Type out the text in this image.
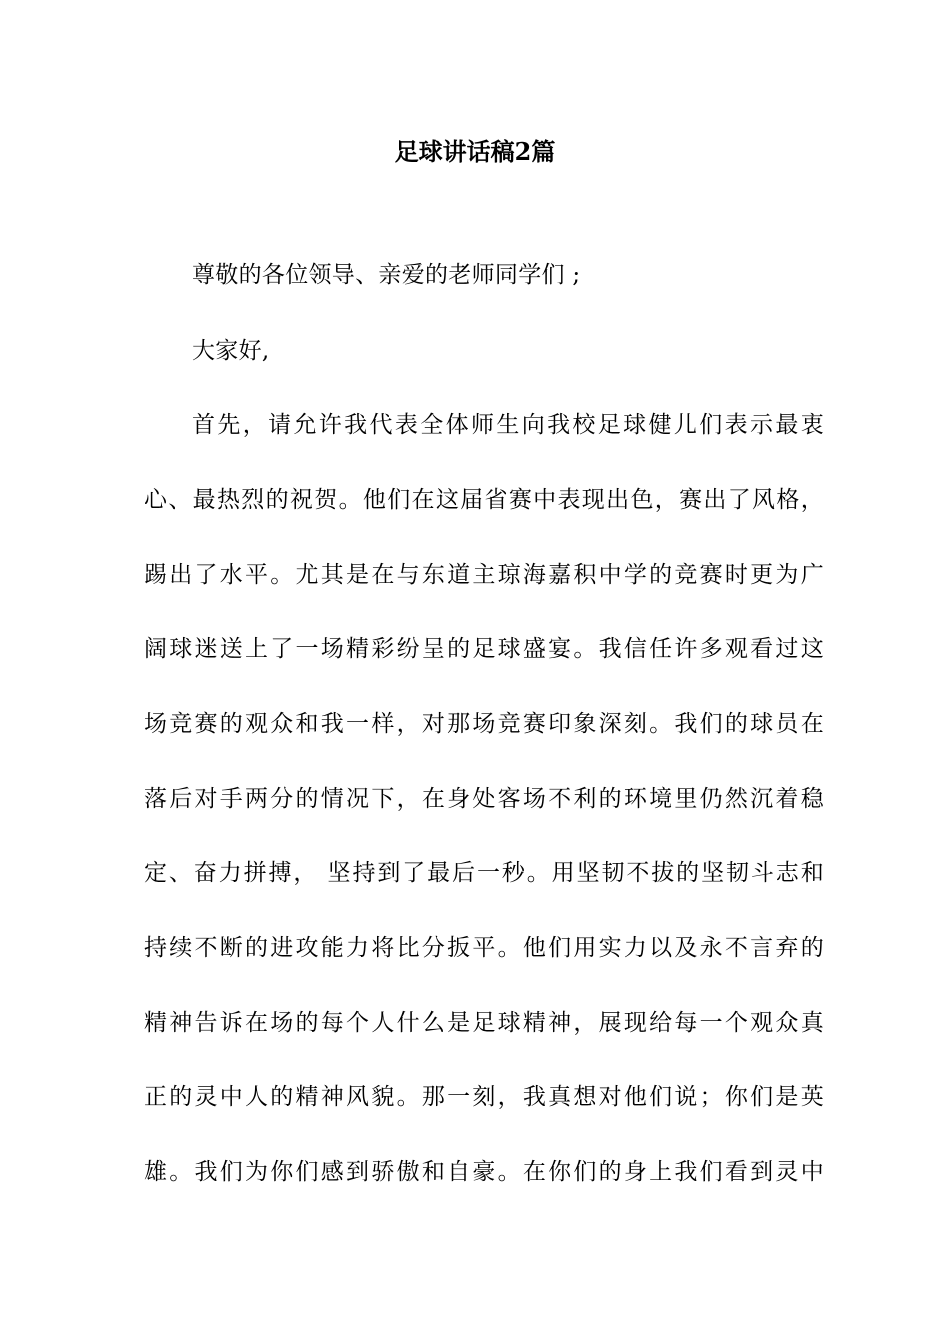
足球讲话稿2篇

尊敬的各位领导、亲爱的老师同学们 ;

大家好,

首先，请允许我代表全体师生向我校足球健儿们表示最衷

心、最热烈的祝贺。他们在这届省赛中表现出色，赛出了风格，

踢出了水平。尤其是在与东道主琼海嘉积中学的竞赛时更为广

阔球迷送上了一场精彩纷呈的足球盛宴。我信任许多观看过这

场竞赛的观众和我一样，对那场竞赛印象深刻。我们的球员在

落后对手两分的情况下，在身处客场不利的环境里仍然沉着稳

定、奋力拼搏， 坚持到了最后一秒。用坚韧不拔的坚韧斗志和

持续不断的进攻能力将比分扳平。他们用实力以及永不言弃的

精神告诉在场的每个人什么是足球精神，展现给每一个观众真

正的灵中人的精神风貌。那一刻，我真想对他们说；你们是英

雄。我们为你们感到骄傲和自豪。在你们的身上我们看到灵中
